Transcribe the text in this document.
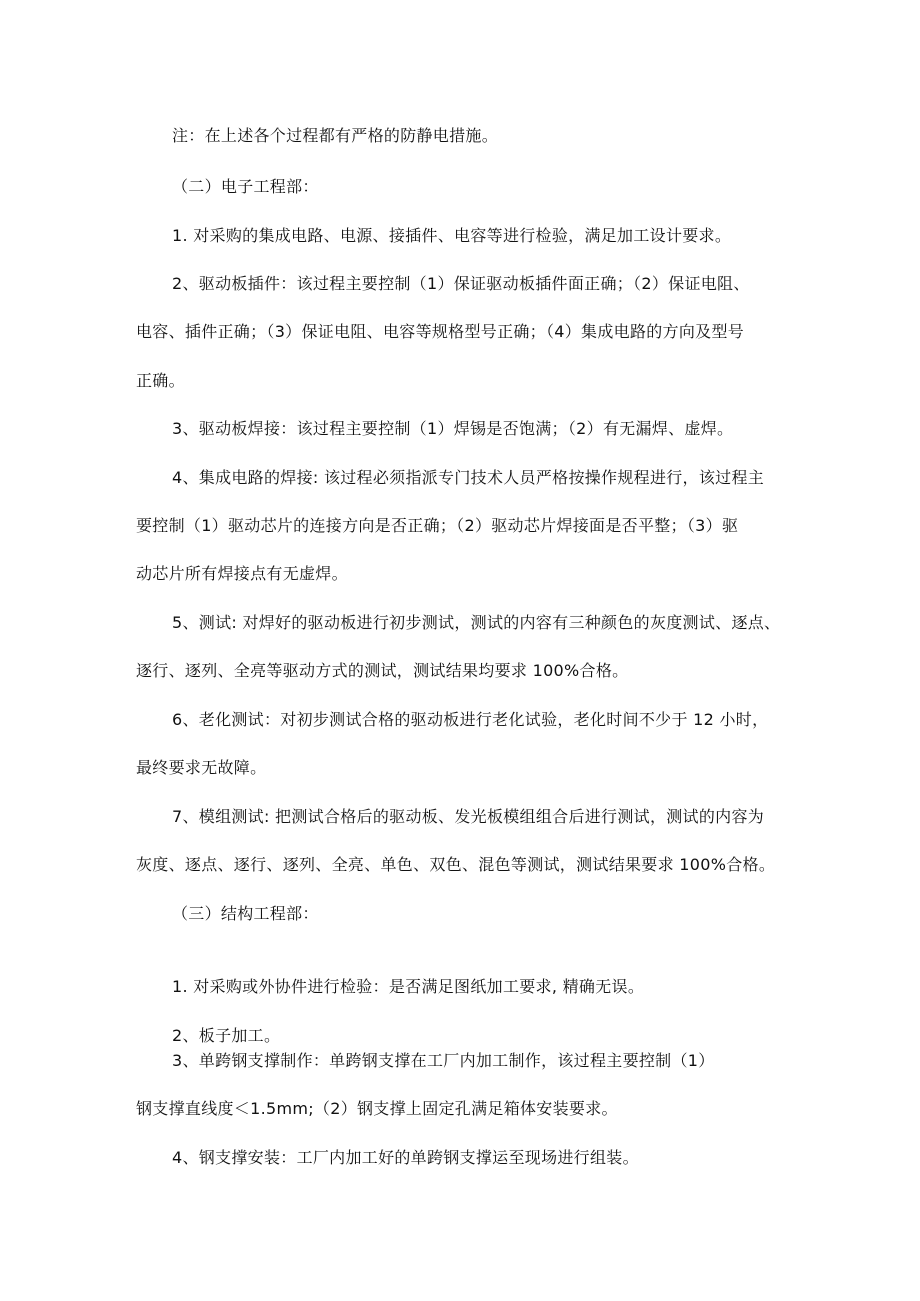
注：在上述各个过程都有严格的防静电措施。
（二）电子工程部：
1. 对采购的集成电路、电源、接插件、电容等进行检验，满足加工设计要求。
2、驱动板插件：该过程主要控制（1）保证驱动板插件面正确；（2）保证电阻、
电容、插件正确；（3）保证电阻、电容等规格型号正确；（4）集成电路的方向及型号
正确。
3、驱动板焊接：该过程主要控制（1）焊锡是否饱满；（2）有无漏焊、虚焊。
4、集成电路的焊接: 该过程必须指派专门技术人员严格按操作规程进行，该过程主
要控制（1）驱动芯片的连接方向是否正确；（2）驱动芯片焊接面是否平整；（3）驱
动芯片所有焊接点有无虚焊。
5、测试: 对焊好的驱动板进行初步测试，测试的内容有三种颜色的灰度测试、逐点、
逐行、逐列、全亮等驱动方式的测试，测试结果均要求 100%合格。
6、老化测试：对初步测试合格的驱动板进行老化试验，老化时间不少于 12 小时，
最终要求无故障。
7、模组测试: 把测试合格后的驱动板、发光板模组组合后进行测试，测试的内容为
灰度、逐点、逐行、逐列、全亮、单色、双色、混色等测试，测试结果要求 100%合格。
（三）结构工程部：
1. 对采购或外协件进行检验：是否满足图纸加工要求, 精确无误。
2、板子加工。
3、单跨钢支撑制作：单跨钢支撑在工厂内加工制作，该过程主要控制（1）
钢支撑直线度＜1.5mm;（2）钢支撑上固定孔满足箱体安装要求。
4、钢支撑安装：工厂内加工好的单跨钢支撑运至现场进行组装。
